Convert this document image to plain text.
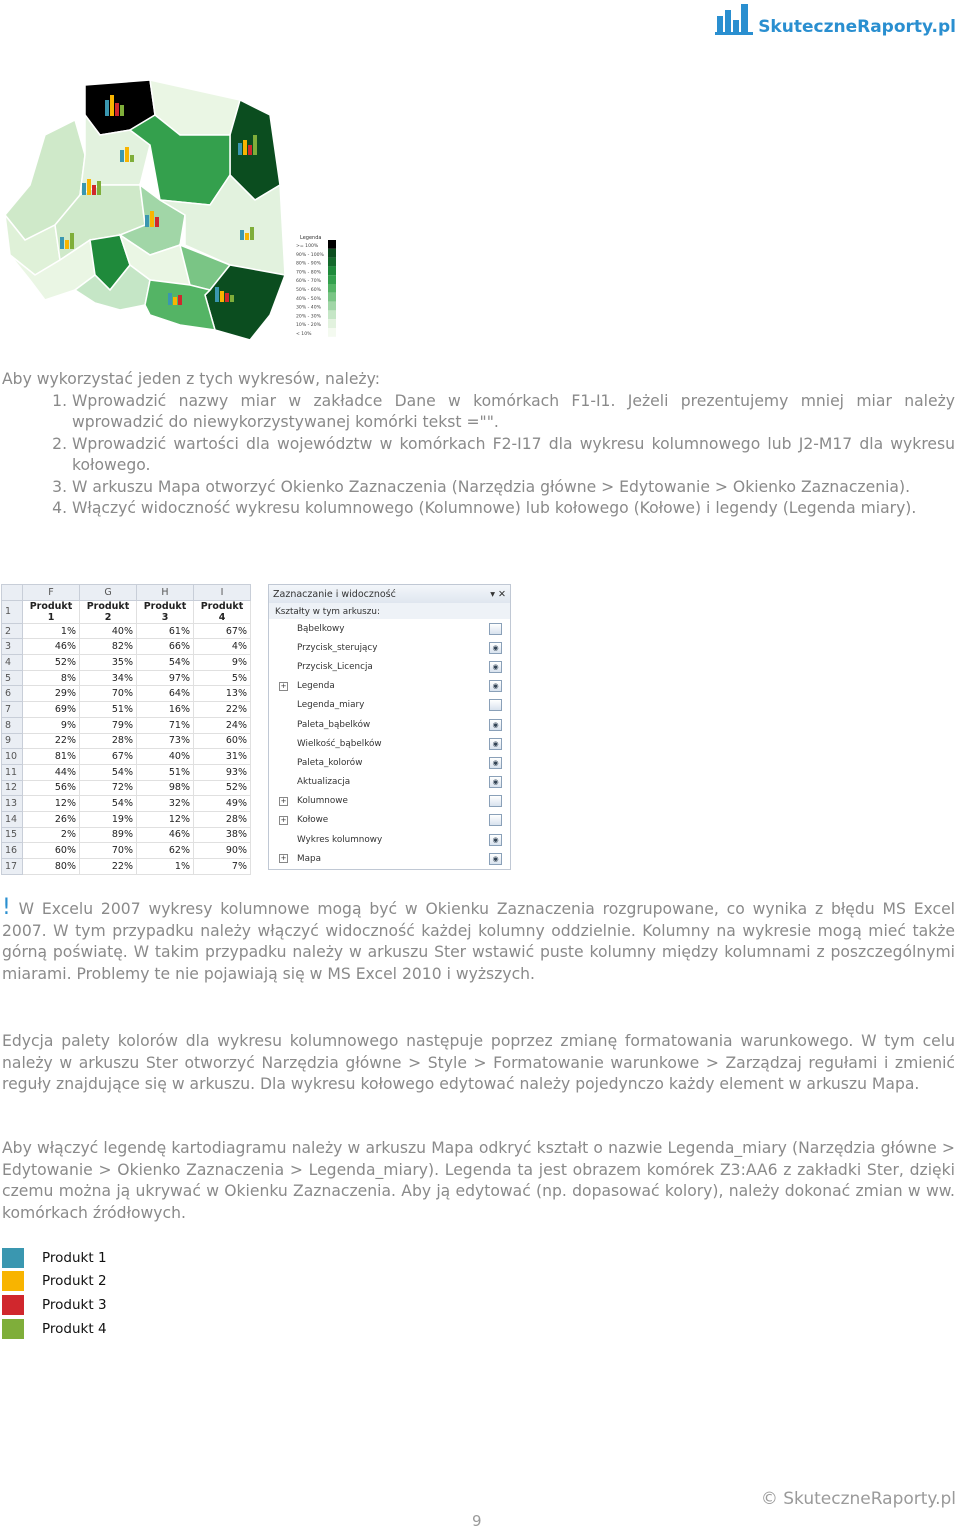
SkuteczneRaporty.pl
Legenda
>= 100%
90% - 100%
80% - 90%
70% - 80%
60% - 70%
50% - 60%
40% - 50%
30% - 40%
20% - 30%
10% - 20%
< 10%
Aby wykorzystać jeden z tych wykresów, należy:
1. Wprowadzić nazwy miar w zakładce Dane w komórkach F1-I1. Jeżeli prezentujemy mniej miar należy wprowadzić do niewykorzystywanej komórki tekst ="".
2. Wprowadzić wartości dla województw w komórkach F2-I17 dla wykresu kolumnowego lub J2-M17 dla wykresu kołowego.
3. W arkuszu Mapa otworzyć Okienko Zaznaczenia (Narzędzia główne > Edytowanie > Okienko Zaznaczenia).
4. Włączyć widoczność wykresu kolumnowego (Kolumnowe) lub kołowego (Kołowe) i legendy (Legenda miary).
	F	G	H	I
1	Produkt 1	Produkt 2	Produkt 3	Produkt 4
2	1%	40%	61%	67%
3	46%	82%	66%	4%
4	52%	35%	54%	9%
5	8%	34%	97%	5%
6	29%	70%	64%	13%
7	69%	51%	16%	22%
8	9%	79%	71%	24%
9	22%	28%	73%	60%
10	81%	67%	40%	31%
11	44%	54%	51%	93%
12	56%	72%	98%	52%
13	12%	54%	32%	49%
14	26%	19%	12%	28%
15	2%	89%	46%	38%
16	60%	70%	62%	90%
17	80%	22%	1%	7%
Zaznaczanie i widoczność	▾ ✕
Kształty w tym arkuszu:
Bąbelkowy
Przycisk_sterujący	◉
Przycisk_Licencja	◉
+ Legenda	◉
Legenda_miary
Paleta_bąbelków	◉
Wielkość_bąbelków	◉
Paleta_kolorów	◉
Aktualizacja	◉
+ Kolumnowe
+ Kołowe
Wykres kolumnowy	◉
+ Mapa	◉
! W Excelu 2007 wykresy kolumnowe mogą być w Okienku Zaznaczenia rozgrupowane, co wynika z błędu MS Excel 2007. W tym przypadku należy włączyć widoczność każdej kolumny oddzielnie. Kolumny na wykresie mogą mieć także górną poświatę. W takim przypadku należy w arkuszu Ster wstawić puste kolumny między kolumnami z poszczególnymi miarami. Problemy te nie pojawiają się w MS Excel 2010 i wyższych.
Edycja palety kolorów dla wykresu kolumnowego następuje poprzez zmianę formatowania warunkowego. W tym celu należy w arkuszu Ster otworzyć Narzędzia główne > Style > Formatowanie warunkowe > Zarządzaj regułami i zmienić reguły znajdujące się w arkuszu. Dla wykresu kołowego edytować należy pojedynczo każdy element w arkuszu Mapa.
Aby włączyć legendę kartodiagramu należy w arkuszu Mapa odkryć kształt o nazwie Legenda_miary (Narzędzia główne > Edytowanie > Okienko Zaznaczenia > Legenda_miary). Legenda ta jest obrazem komórek Z3:AA6 z zakładki Ster, dzięki czemu można ją ukrywać w Okienku Zaznaczenia. Aby ją edytować (np. dopasować kolory), należy dokonać zmian w ww. komórkach źródłowych.
Produkt 1
Produkt 2
Produkt 3
Produkt 4
© SkuteczneRaporty.pl
9
